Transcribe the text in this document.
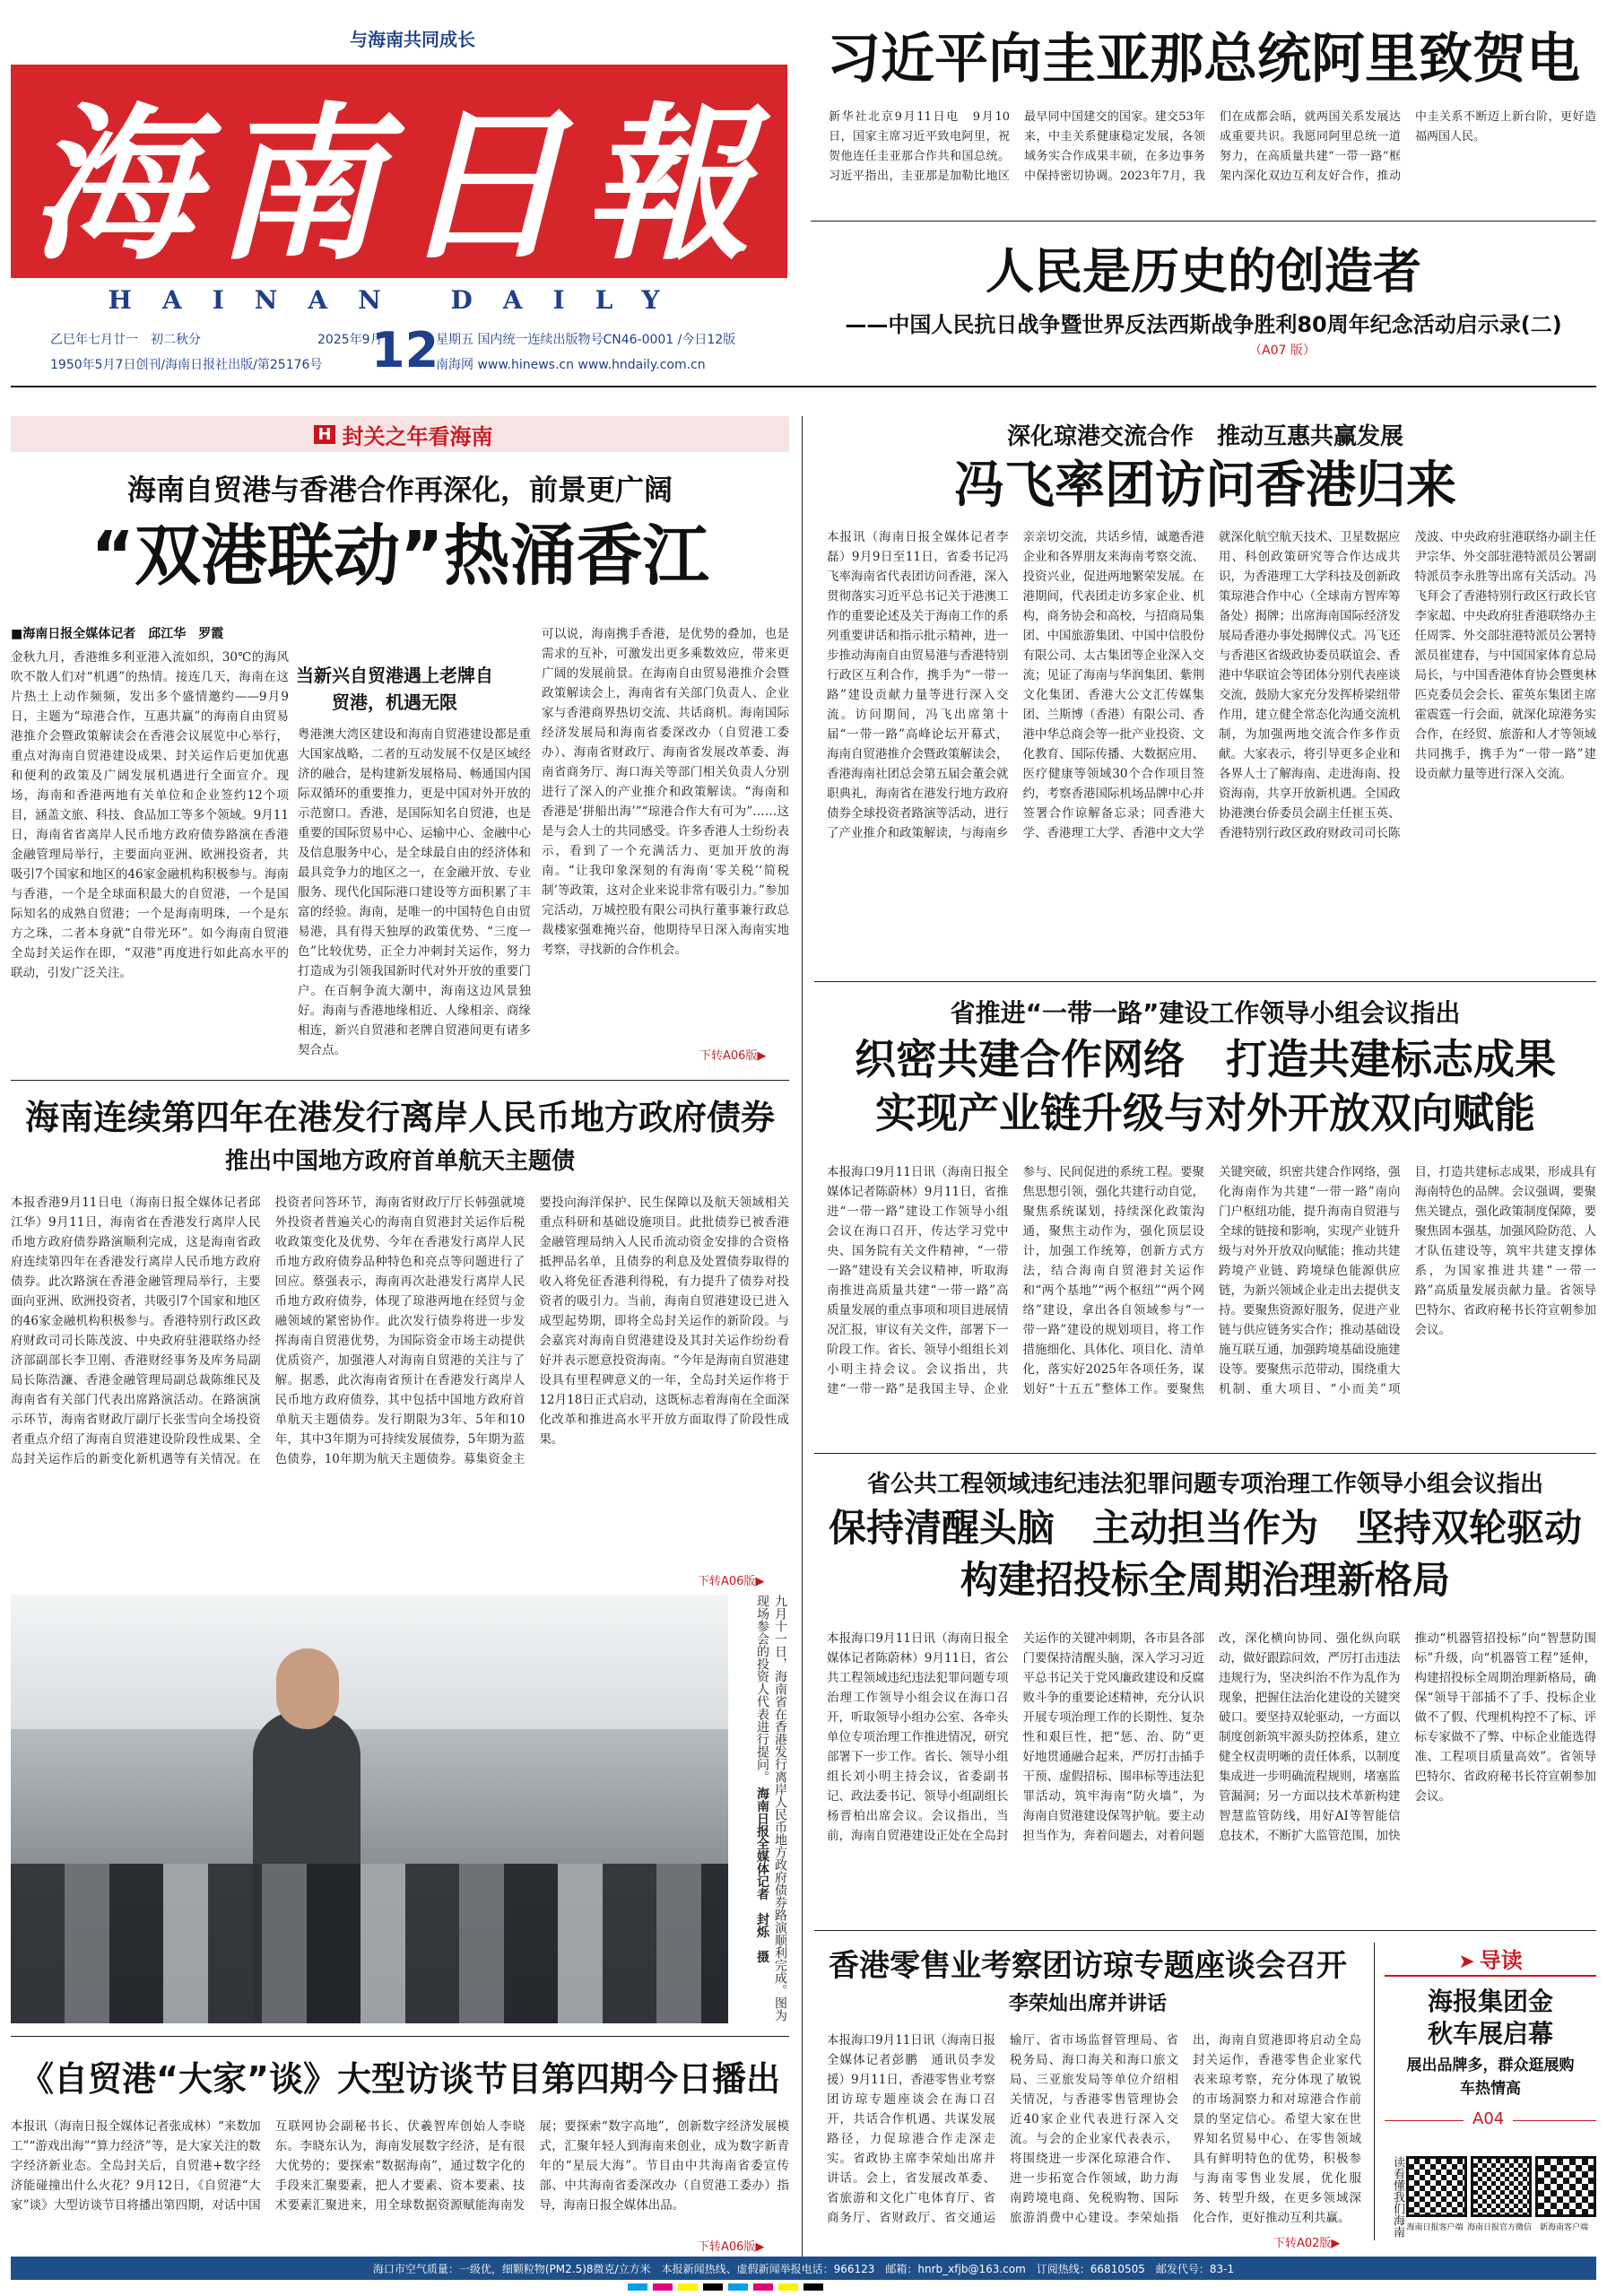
与海南共同成长
海南日報
HAINAN DAILY
乙巳年七月廿一　初二秋分	2025年9月
1950年5月7日创刊/海南日报社出版/第25176号 12
星期五 国内统一连续出版物号CN46-0001 /今日12版
南海网 www.hinews.cn www.hndaily.com.cn
习近平向圭亚那总统阿里致贺电
新华社北京9月11日电　9月10日，国家主席习近平致电阿里，祝贺他连任圭亚那合作共和国总统。习近平指出，圭亚那是加勒比地区最早同中国建交的国家。建交53年来，中圭关系健康稳定发展，各领域务实合作成果丰硕，在多边事务中保持密切协调。2023年7月，我们在成都会晤，就两国关系发展达成重要共识。我愿同阿里总统一道努力，在高质量共建“一带一路”框架内深化双边互利友好合作，推动中圭关系不断迈上新台阶，更好造福两国人民。
人民是历史的创造者
——中国人民抗日战争暨世界反法西斯战争胜利80周年纪念活动启示录(二)
（A07 版）
H 封关之年看海南
海南自贸港与香港合作再深化，前景更广阔
“双港联动”热涌香江
■海南日报全媒体记者　邱江华　罗霞
金秋九月，香港维多利亚港入流如织，30℃的海风吹不散人们对“机遇”的热情。接连几天，海南在这片热土上动作频频，发出多个盛情邀约——9月9日，主题为“琼港合作，互惠共赢”的海南自由贸易港推介会暨政策解读会在香港会议展览中心举行，重点对海南自贸港建设成果、封关运作后更加优惠和便利的政策及广阔发展机遇进行全面宣介。现场，海南和香港两地有关单位和企业签约12个项目，涵盖文旅、科技、食品加工等多个领域。9月11日，海南省省离岸人民币地方政府债券路演在香港金融管理局举行，主要面向亚洲、欧洲投资者，共吸引7个国家和地区的46家金融机构积极参与。海南与香港，一个是全球面积最大的自贸港，一个是国际知名的成熟自贸港；一个是海南明珠，一个是东方之珠，二者本身就“自带光环”。如今海南自贸港全岛封关运作在即，“双港”再度进行如此高水平的联动，引发广泛关注。
当新兴自贸港遇上老牌自贸港，机遇无限
粤港澳大湾区建设和海南自贸港建设都是重大国家战略，二者的互动发展不仅是区域经济的融合，是构建新发展格局、畅通国内国际双循环的重要推力，更是中国对外开放的示范窗口。香港，是国际知名自贸港，也是重要的国际贸易中心、运输中心、金融中心及信息服务中心，是全球最自由的经济体和最具竞争力的地区之一，在金融开放、专业服务、现代化国际港口建设等方面积累了丰富的经验。海南，是唯一的中国特色自由贸易港，具有得天独厚的政策优势、“三度一色”比较优势，正全力冲刺封关运作，努力打造成为引领我国新时代对外开放的重要门户。在百舸争流大潮中，海南这边风景独好。海南与香港地缘相近、人缘相亲、商缘相连，新兴自贸港和老牌自贸港间更有诸多契合点。
可以说，海南携手香港，是优势的叠加，也是需求的互补，可激发出更多乘数效应，带来更广阔的发展前景。在海南自由贸易港推介会暨政策解读会上，海南省有关部门负责人、企业家与香港商界热切交流、共话商机。海南国际经济发展局和海南省委深改办（自贸港工委办）、海南省财政厅、海南省发展改革委、海南省商务厅、海口海关等部门相关负责人分别进行了深入的产业推介和政策解读。“海南和香港是‘拼船出海’”“琼港合作大有可为”……这是与会人士的共同感受。许多香港人士纷纷表示，看到了一个充满活力、更加开放的海南。“让我印象深刻的有海南‘零关税’‘简税制’等政策，这对企业来说非常有吸引力。”参加完活动，万城控股有限公司执行董事兼行政总裁楼家强难掩兴奋，他期待早日深入海南实地考察，寻找新的合作机会。
下转A06版▶
海南连续第四年在港发行离岸人民币地方政府债券
推出中国地方政府首单航天主题债
本报香港9月11日电（海南日报全媒体记者邱江华）9月11日，海南省在香港发行离岸人民币地方政府债券路演顺利完成，这是海南省政府连续第四年在香港发行离岸人民币地方政府债券。此次路演在香港金融管理局举行，主要面向亚洲、欧洲投资者，共吸引7个国家和地区的46家金融机构积极参与。香港特别行政区政府财政司司长陈茂波、中央政府驻港联络办经济部副部长李卫刚、香港财经事务及库务局副局长陈浩濂、香港金融管理局副总裁陈维民及海南省有关部门代表出席路演活动。在路演演示环节，海南省财政厅副厅长张雪向全场投资者重点介绍了海南自贸港建设阶段性成果、全岛封关运作后的新变化新机遇等有关情况。在投资者问答环节，海南省财政厅厅长韩强就境外投资者普遍关心的海南自贸港封关运作后税收政策变化及优势、今年在香港发行离岸人民币地方政府债券品种特色和亮点等问题进行了回应。蔡强表示，海南再次赴港发行离岸人民币地方政府债券，体现了琼港两地在经贸与金融领域的紧密协作。此次发行债券将进一步发挥海南自贸港优势，为国际资金市场主动提供优质资产，加强港人对海南自贸港的关注与了解。据悉，此次海南省预计在香港发行离岸人民币地方政府债券，其中包括中国地方政府首单航天主题债券。发行期限为3年、5年和10年，其中3年期为可持续发展债券，5年期为蓝色债券，10年期为航天主题债券。募集资金主要投向海洋保护、民生保障以及航天领域相关重点科研和基础设施项目。此批债券已被香港金融管理局纳入人民币流动资金安排的合资格抵押品名单，且债券的利息及处置债券取得的收入将免征香港利得税，有力提升了债券对投资者的吸引力。当前，海南自贸港建设已进入成型起势期，即将全岛封关运作的新阶段。与会嘉宾对海南自贸港建设及其封关运作纷纷看好并表示愿意投资海南。“今年是海南自贸港建设具有里程碑意义的一年，全岛封关运作将于12月18日正式启动，这既标志着海南在全面深化改革和推进高水平开放方面取得了阶段性成果。
下转A06版▶
九月十一日，海南省在香港发行离岸人民币地方政府债券路演顺利完成。图为现场参会的投资人代表进行提问。 海南日报全媒体记者　封烁　摄
《自贸港“大家”谈》大型访谈节目第四期今日播出
本报讯（海南日报全媒体记者张成林）“来数加工”“游戏出海”“算力经济”等，是大家关注的数字经济新业态。全岛封关后，自贸港+数字经济能碰撞出什么火花？9月12日，《自贸港“大家”谈》大型访谈节目将播出第四期，对话中国互联网协会副秘书长、伏羲智库创始人李晓东。李晓东认为，海南发展数字经济，是有很大优势的；要探索“数据海南”，通过数字化的手段来汇聚要素，把人才要素、资本要素、技术要素汇聚进来，用全球数据资源赋能海南发展；要探索“数字高地”，创新数字经济发展模式，汇聚年轻人到海南来创业，成为数字新青年的“星辰大海”。节目由中共海南省委宣传部、中共海南省委深改办（自贸港工委办）指导，海南日报全媒体出品。
下转A06版▶
深化琼港交流合作　推动互惠共赢发展
冯飞率团访问香港归来
本报讯（海南日报全媒体记者李磊）9月9日至11日，省委书记冯飞率海南省代表团访问香港，深入贯彻落实习近平总书记关于港澳工作的重要论述及关于海南工作的系列重要讲话和指示批示精神，进一步推动海南自由贸易港与香港特别行政区互利合作，携手为“一带一路”建设贡献力量等进行深入交流。访问期间，冯飞出席第十届“一带一路”高峰论坛开幕式，海南自贸港推介会暨政策解读会，香港海南社团总会第五届会董会就职典礼，海南省在港发行地方政府债券全球投资者路演等活动，进行了产业推介和政策解读，与海南乡亲亲切交流，共话乡情，诚邀香港企业和各界朋友来海南考察交流、投资兴业，促进两地繁荣发展。在港期间，代表团走访多家企业、机构，商务协会和高校，与招商局集团、中国旅游集团、中国中信股份有限公司、太古集团等企业深入交流；见证了海南与华润集团、紫荆文化集团、香港大公文汇传媒集团、兰斯博（香港）有限公司、香港中华总商会等一批产业投资、文化教育、国际传播、大数据应用、医疗健康等领域30个合作项目签约，考察香港国际机场品牌中心并签署合作谅解备忘录；同香港大学、香港理工大学、香港中文大学就深化航空航天技术、卫星数据应用、科创政策研究等合作达成共识，为香港理工大学科技及创新政策琼港合作中心（全球南方智库筹备处）揭牌；出席海南国际经济发展局香港办事处揭牌仪式。冯飞还与香港区省级政协委员联谊会、香港中华联谊会等团体分别代表座谈交流，鼓励大家充分发挥桥梁纽带作用，建立健全常态化沟通交流机制，为加强两地交流合作多作贡献。大家表示，将引导更多企业和各界人士了解海南、走进海南、投资海南，共享开放新机遇。全国政协港澳台侨委员会副主任崔玉英、香港特别行政区政府财政司司长陈茂波、中央政府驻港联络办副主任尹宗华、外交部驻港特派员公署副特派员李永胜等出席有关活动。冯飞拜会了香港特别行政区行政长官李家超、中央政府驻香港联络办主任周霁、外交部驻港特派员公署特派员崔建春，与中国国家体育总局局长，与中国香港体育协会暨奥林匹克委员会会长、霍英东集团主席霍震霆一行会面，就深化琼港务实合作，在经贸、旅游和人才等领域共同携手，携手为“一带一路”建设贡献力量等进行深入交流。
省推进“一带一路”建设工作领导小组会议指出
织密共建合作网络　打造共建标志成果
实现产业链升级与对外开放双向赋能
本报海口9月11日讯（海南日报全媒体记者陈蔚林）9月11日，省推进“一带一路”建设工作领导小组会议在海口召开，传达学习党中央、国务院有关文件精神，“一带一路”建设有关会议精神，听取海南推进高质量共建“一带一路”高质量发展的重点事项和项目进展情况汇报，审议有关文件，部署下一阶段工作。省长、领导小组组长刘小明主持会议。会议指出，共建“一带一路”是我国主导、企业参与、民间促进的系统工程。要聚焦思想引领，强化共建行动自觉，聚焦系统谋划，持续深化政策沟通，聚焦主动作为，强化顶层设计，加强工作统筹，创新方式方法，结合海南自贸港封关运作和“两个基地”“两个枢纽”“两个网络”建设，拿出各自领域参与“一带一路”建设的规划项目，将工作措施细化、具体化、项目化、清单化，落实好2025年各项任务，谋划好“十五五”整体工作。要聚焦关键突破，织密共建合作网络，强化海南作为共建“一带一路”南向门户枢纽功能，提升海南自贸港与全球的链接和影响，实现产业链升级与对外开放双向赋能；推动共建跨境产业链、跨境绿色能源供应链，为新兴领域企业走出去提供支持。要聚焦资源好服务，促进产业链与供应链务实合作；推动基础设施互联互通，加强跨境基础设施建设等。要聚焦示范带动，围绕重大机制、重大项目、“小而美”项目，打造共建标志成果，形成具有海南特色的品牌。会议强调，要聚焦关键点，强化政策制度保障，要聚焦固本强基，加强风险防范、人才队伍建设等，筑牢共建支撑体系，为国家推进共建“一带一路”高质量发展贡献力量。省领导巴特尔、省政府秘书长符宣朝参加会议。
省公共工程领域违纪违法犯罪问题专项治理工作领导小组会议指出
保持清醒头脑　主动担当作为　坚持双轮驱动
构建招投标全周期治理新格局
本报海口9月11日讯（海南日报全媒体记者陈蔚林）9月11日，省公共工程领域违纪违法犯罪问题专项治理工作领导小组会议在海口召开，听取领导小组办公室、各牵头单位专项治理工作推进情况，研究部署下一步工作。省长、领导小组组长刘小明主持会议，省委副书记、政法委书记、领导小组副组长杨晋柏出席会议。会议指出，当前，海南自贸港建设正处在全岛封关运作的关键冲刺期，各市县各部门要保持清醒头脑，深入学习习近平总书记关于党风廉政建设和反腐败斗争的重要论述精神，充分认识开展专项治理工作的长期性、复杂性和艰巨性，把“惩、治、防”更好地贯通融合起来，严厉打击插手干预、虚假招标、围串标等违法犯罪活动，筑牢海南“防火墙”，为海南自贸港建设保驾护航。要主动担当作为，奔着问题去，对着问题改，深化横向协同、强化纵向联动，做好跟踪问效，严厉打击违法违规行为，坚决纠治不作为乱作为现象，把握住法治化建设的关键突破口。要坚持双轮驱动，一方面以制度创新筑牢源头防控体系，建立健全权责明晰的责任体系，以制度集成进一步明确流程规则，堵塞监管漏洞；另一方面以技术革新构建智慧监管防线，用好AI等智能信息技术，不断扩大监管范围，加快推动“机器管招投标”向“智慧防围标”升级，向“机器管工程”延伸，构建招投标全周期治理新格局，确保“领导干部插不了手、投标企业做不了假、代理机构控不了标、评标专家做不了弊、中标企业能选得准、工程项目质量高效”。省领导巴特尔、省政府秘书长符宣朝参加会议。
香港零售业考察团访琼专题座谈会召开
李荣灿出席并讲话
本报海口9月11日讯（海南日报全媒体记者彭鹏　通讯员李发援）9月11日，香港零售业考察团访琼专题座谈会在海口召开，共话合作机遇、共谋发展路径，力促琼港合作走深走实。省政协主席李荣灿出席并讲话。会上，省发展改革委、省旅游和文化广电体育厅、省商务厅、省财政厅、省交通运输厅、省市场监督管理局、省税务局、海口海关和海口旅文局、三亚旅发局等单位介绍相关情况，与香港零售管理协会近40家企业代表进行深入交流。与会的企业家代表表示，将围绕进一步深化琼港合作、进一步拓宽合作领域，助力海南跨境电商、免税购物、国际旅游消费中心建设。李荣灿指出，海南自贸港即将启动全岛封关运作，香港零售企业家代表来琼考察，充分体现了敏锐的市场洞察力和对琼港合作前景的坚定信心。希望大家在世界知名贸易中心、在零售领域具有鲜明特色的优势，积极参与海南零售业发展，优化服务、转型升级，在更多领域深化合作，更好推动互利共赢。
下转A02版▶
➤ 导读
海报集团金秋车展启幕
展出品牌多，群众逛展购车热情高
A04
读看懂我们海南 海南日报客户端 海南日报官方微信 新海南客户端
海口市空气质量：一级优，细颗粒物(PM2.5)8微克/立方米　本报新闻热线、虚假新闻举报电话：966123　邮箱：hnrb_xfjb@163.com　订阅热线：66810505　邮发代号：83-1
